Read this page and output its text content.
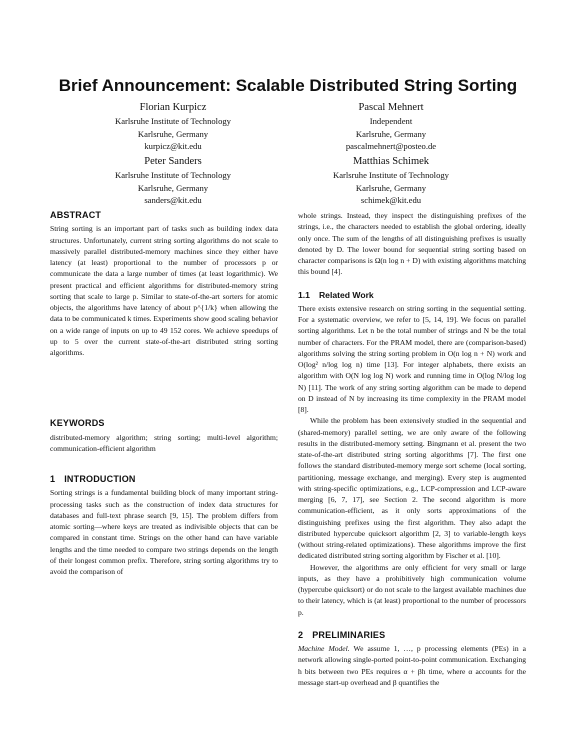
Brief Announcement: Scalable Distributed String Sorting
Florian Kurpicz
Karlsruhe Institute of Technology
Karlsruhe, Germany
kurpicz@kit.edu
Pascal Mehnert
Independent
Karlsruhe, Germany
pascalmehnert@posteo.de
Peter Sanders
Karlsruhe Institute of Technology
Karlsruhe, Germany
sanders@kit.edu
Matthias Schimek
Karlsruhe Institute of Technology
Karlsruhe, Germany
schimek@kit.edu
ABSTRACT

String sorting is an important part of tasks such as building index data structures. Unfortunately, current string sorting algorithms do not scale to massively parallel distributed-memory machines since they either have latency (at least) proportional to the number of processors p or communicate the data a large number of times (at least logarithmic). We present practical and efficient algorithms for distributed-memory string sorting that scale to large p. Similar to state-of-the-art sorters for atomic objects, the algorithms have latency of about p^{1/k} when allowing the data to be communicated k times. Experiments show good scaling behavior on a wide range of inputs on up to 49 152 cores. We achieve speedups of up to 5 over the current state-of-the-art distributed string sorting algorithms.

KEYWORDS

distributed-memory algorithm; string sorting; multi-level algorithm; communication-efficient algorithm

1 INTRODUCTION

Sorting strings is a fundamental building block of many important string-processing tasks such as the construction of index data structures for databases and full-text phrase search [9, 15]. The problem differs from atomic sorting—where keys are treated as indivisible objects that can be compared in constant time. Strings on the other hand can have variable lengths and the time needed to compare two strings depends on the length of their longest common prefix. Therefore, string sorting algorithms try to avoid the comparison of

whole strings. Instead, they inspect the distinguishing prefixes of the strings, i.e., the characters needed to establish the global ordering, ideally only once. The sum of the lengths of all distinguishing prefixes is usually denoted by D. The lower bound for sequential string sorting based on character comparisons is Ω(n log n + D) with existing algorithms matching this bound [4].

1.1 Related Work

There exists extensive research on string sorting in the sequential setting. For a systematic overview, we refer to [5, 14, 19]. We focus on parallel sorting algorithms. Let n be the total number of strings and N be the total number of characters. For the PRAM model, there are (comparison-based) algorithms solving the string sorting problem in O(n log n + N) work and O(log² n/log log n) time [13]. For integer alphabets, there exists an algorithm with O(N log log N) work and running time in O(log N/log log N) [11]. The work of any string sorting algorithm can be made to depend on D instead of N by increasing its time complexity in the PRAM model [8].

While the problem has been extensively studied in the sequential and (shared-memory) parallel setting, we are only aware of the following results in the distributed-memory setting. Bingmann et al. present the two state-of-the-art distributed string sorting algorithms [7]. The first one follows the standard distributed-memory merge sort scheme (local sorting, partitioning, message exchange, and merging). Every step is augmented with string-specific optimizations, e.g., LCP-compression and LCP-aware merging [6, 7, 17], see Section 2. The second algorithm is more communication-efficient, as it only sorts approximations of the distinguishing prefixes using the first algorithm. They also adapt the distributed hypercube quicksort algorithm [2, 3] to variable-length keys (without string-related optimizations). These algorithms improve the first dedicated distributed string sorting algorithm by Fischer et al. [10].

However, the algorithms are only efficient for very small or large inputs, as they have a prohibitively high communication volume (hypercube quicksort) or do not scale to the largest available machines due to their latency, which is (at least) proportional to the number of processors p.

2 PRELIMINARIES

Machine Model. We assume 1, …, p processing elements (PEs) in a network allowing single-ported point-to-point communication. Exchanging h bits between two PEs requires α + βh time, where α accounts for the message start-up overhead and β quantifies the
